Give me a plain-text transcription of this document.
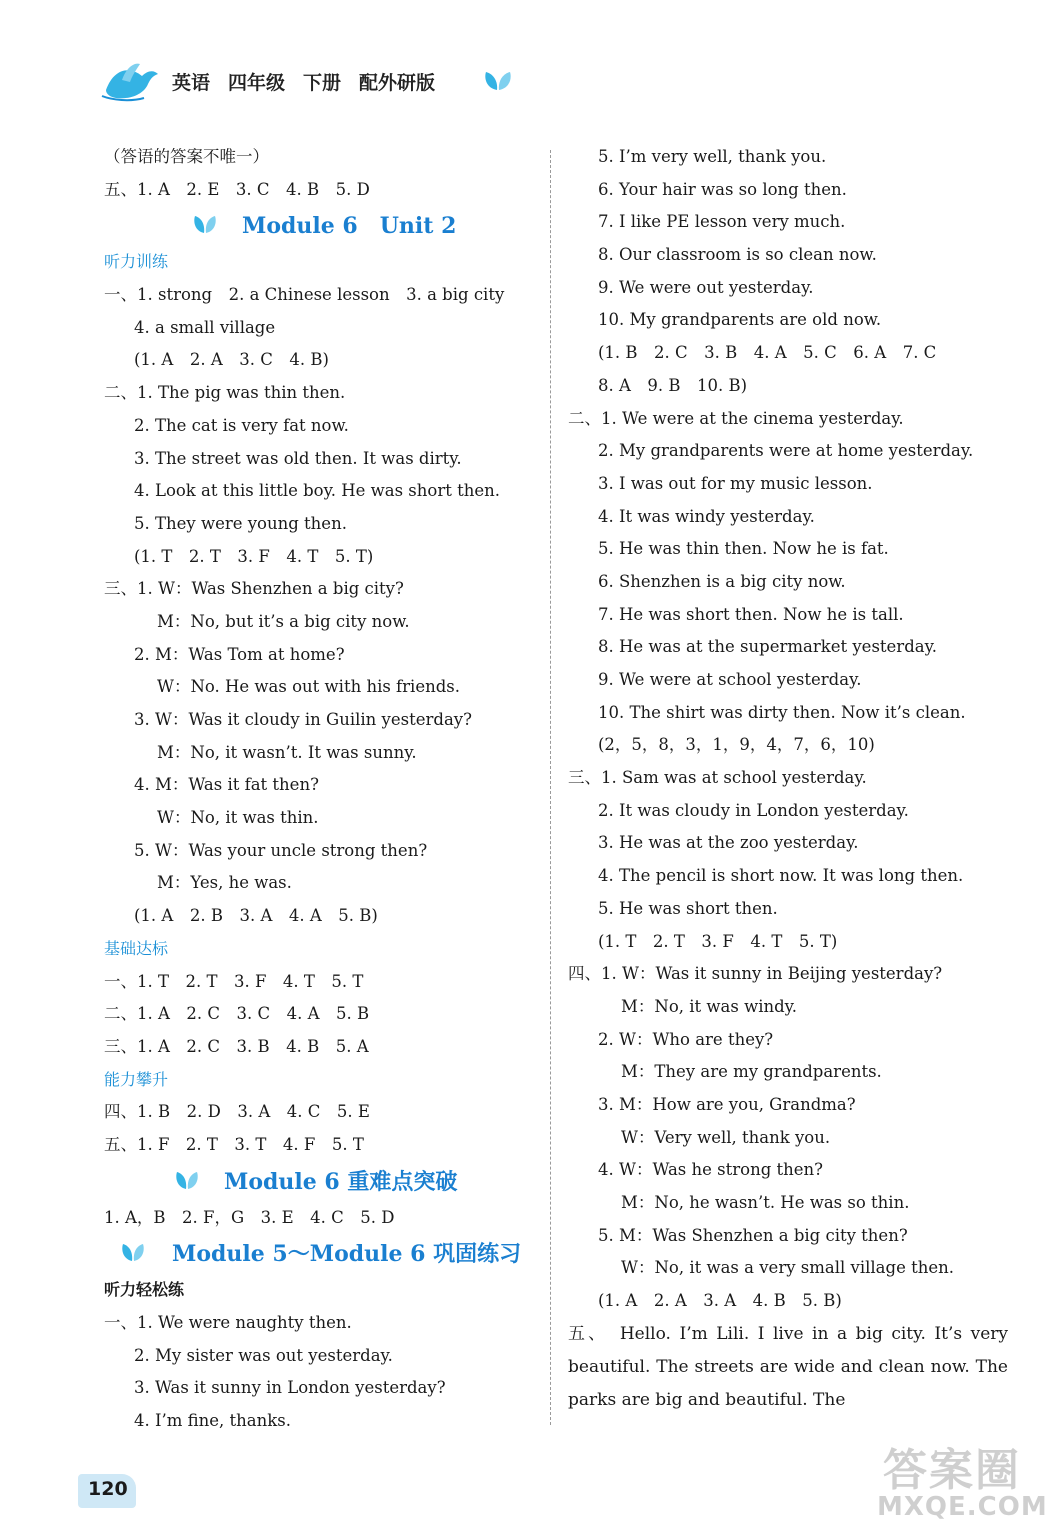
英语 四年级 下册 配外研版
（答语的答案不唯一）
五、1. A　2. E　3. C　4. B　5. D
Module 6　Unit 2
听力训练
一、1. strong　2. a Chinese lesson　3. a big city
4. a small village
(1. A　2. A　3. C　4. B)
二、1. The pig was thin then.
2. The cat is very fat now.
3. The street was old then. It was dirty.
4. Look at this little boy. He was short then.
5. They were young then.
(1. T　2. T　3. F　4. T　5. T)
三、1. W：Was Shenzhen a big city?
M：No, but it’s a big city now.
2. M：Was Tom at home?
W：No. He was out with his friends.
3. W：Was it cloudy in Guilin yesterday?
M：No, it wasn’t. It was sunny.
4. M：Was it fat then?
W：No, it was thin.
5. W：Was your uncle strong then?
M：Yes, he was.
(1. A　2. B　3. A　4. A　5. B)
基础达标
一、1. T　2. T　3. F　4. T　5. T
二、1. A　2. C　3. C　4. A　5. B
三、1. A　2. C　3. B　4. B　5. A
能力攀升
四、1. B　2. D　3. A　4. C　5. E
五、1. F　2. T　3. T　4. F　5. T
Module 6 重难点突破
1. A，B　2. F，G　3. E　4. C　5. D
Module 5～Module 6 巩固练习
听力轻松练
一、1. We were naughty then.
2. My sister was out yesterday.
3. Was it sunny in London yesterday?
4. I’m fine, thanks.
5. I’m very well, thank you.
6. Your hair was so long then.
7. I like PE lesson very much.
8. Our classroom is so clean now.
9. We were out yesterday.
10. My grandparents are old now.
(1. B　2. C　3. B　4. A　5. C　6. A　7. C
8. A　9. B　10. B)
二、1. We were at the cinema yesterday.
2. My grandparents were at home yesterday.
3. I was out for my music lesson.
4. It was windy yesterday.
5. He was thin then. Now he is fat.
6. Shenzhen is a big city now.
7. He was short then. Now he is tall.
8. He was at the supermarket yesterday.
9. We were at school yesterday.
10. The shirt was dirty then. Now it’s clean.
(2，5，8，3，1，9，4，7，6，10)
三、1. Sam was at school yesterday.
2. It was cloudy in London yesterday.
3. He was at the zoo yesterday.
4. The pencil is short now. It was long then.
5. He was short then.
(1. T　2. T　3. F　4. T　5. T)
四、1. W：Was it sunny in Beijing yesterday?
M：No, it was windy.
2. W：Who are they?
M：They are my grandparents.
3. M：How are you, Grandma?
W：Very well, thank you.
4. W：Was he strong then?
M：No, he wasn’t. He was so thin.
5. M：Was Shenzhen a big city then?
W：No, it was a very small village then.
(1. A　2. A　3. A　4. B　5. B)
五、　Hello. I’m Lili. I live in a big city. It’s very beautiful. The streets are wide and clean now. The parks are big and beautiful. The
120	答案圈
MXQE.COM
